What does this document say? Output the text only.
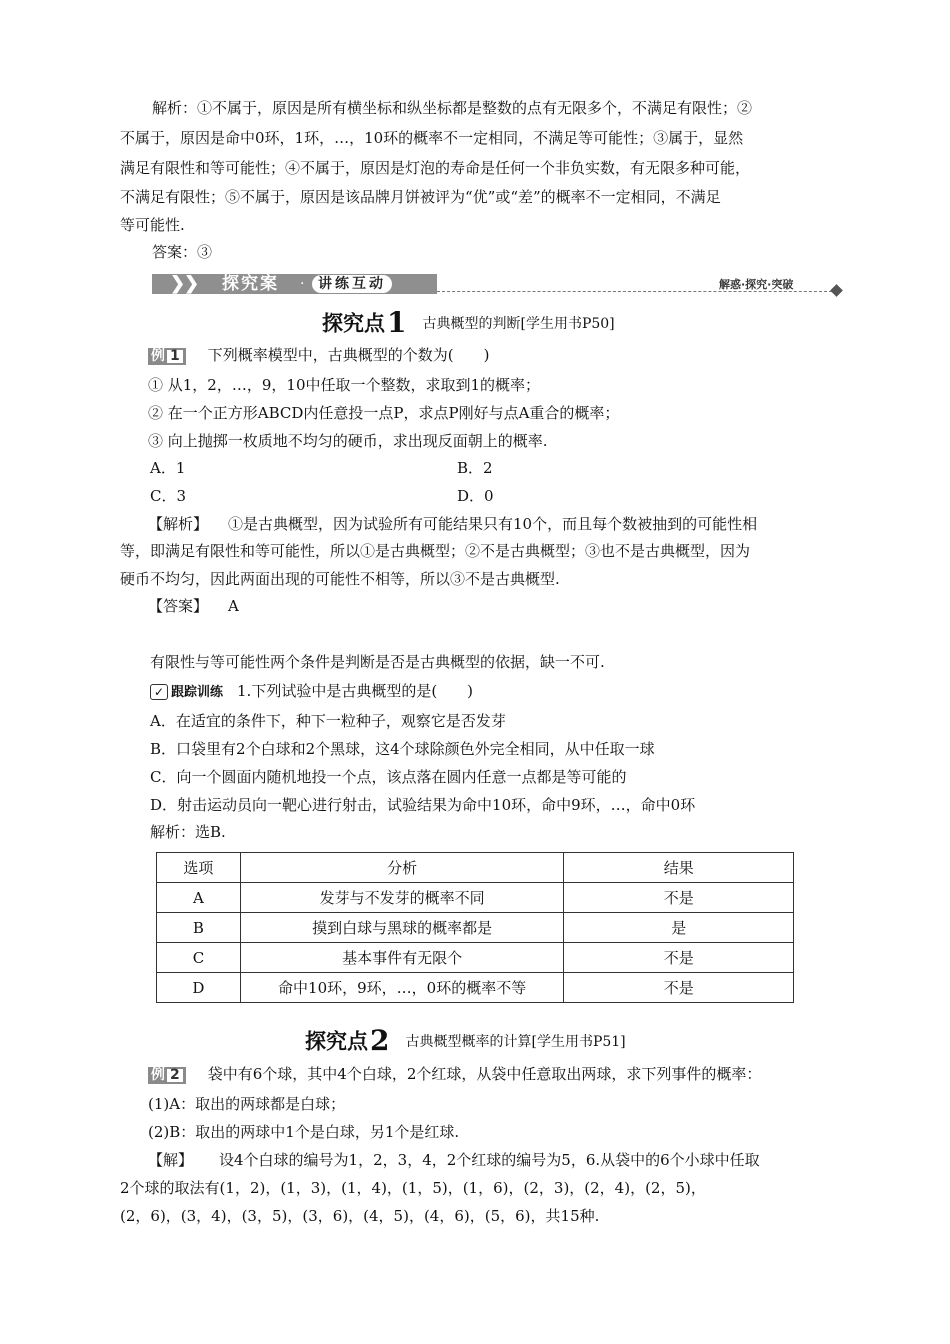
解析：①不属于，原因是所有横坐标和纵坐标都是整数的点有无限多个，不满足有限性；②
不属于，原因是命中0环，1环，…，10环的概率不一定相同，不满足等可能性；③属于，显然
满足有限性和等可能性；④不属于，原因是灯泡的寿命是任何一个非负实数，有无限多种可能，
不满足有限性；⑤不属于，原因是该品牌月饼被评为“优”或“差”的概率不一定相同，不满足
等可能性.
答案：③
❯
❯ 探究案 · 讲练互动	解惑·探究·突破
探究点1 古典概型的判断[学生用书P50]
例 1 下列概率模型中，古典概型的个数为(　　)
① 从1，2，…，9，10中任取一个整数，求取到1的概率；
② 在一个正方形ABCD内任意投一点P，求点P刚好与点A重合的概率；
③ 向上抛掷一枚质地不均匀的硬币，求出现反面朝上的概率.
A．1	B．2
C．3	D．0
【解析】 ①是古典概型，因为试验所有可能结果只有10个，而且每个数被抽到的可能性相
等，即满足有限性和等可能性，所以①是古典概型；②不是古典概型；③也不是古典概型，因为
硬币不均匀，因此两面出现的可能性不相等，所以③不是古典概型.
【答案】 A
有限性与等可能性两个条件是判断是否是古典概型的依据，缺一不可.
✓ 跟踪训练 1.下列试验中是古典概型的是(　　)
A．在适宜的条件下，种下一粒种子，观察它是否发芽
B．口袋里有2个白球和2个黑球，这4个球除颜色外完全相同，从中任取一球
C．向一个圆面内随机地投一个点，该点落在圆内任意一点都是等可能的
D．射击运动员向一靶心进行射击，试验结果为命中10环，命中9环，…，命中0环
解析：选B.
选项	分析	结果
A	发芽与不发芽的概率不同	不是
B	摸到白球与黑球的概率都是	是
C	基本事件有无限个	不是
D	命中10环，9环，…，0环的概率不等	不是
探究点2 古典概型概率的计算[学生用书P51]
例 2 袋中有6个球，其中4个白球，2个红球，从袋中任意取出两球，求下列事件的概率：
(1)A：取出的两球都是白球；
(2)B：取出的两球中1个是白球，另1个是红球.
【解】 设4个白球的编号为1，2，3，4，2个红球的编号为5，6.从袋中的6个小球中任取
2个球的取法有(1，2)，(1，3)，(1，4)，(1，5)，(1，6)，(2，3)，(2，4)，(2，5)，
(2，6)，(3，4)，(3，5)，(3，6)，(4，5)，(4，6)，(5，6)，共15种.
